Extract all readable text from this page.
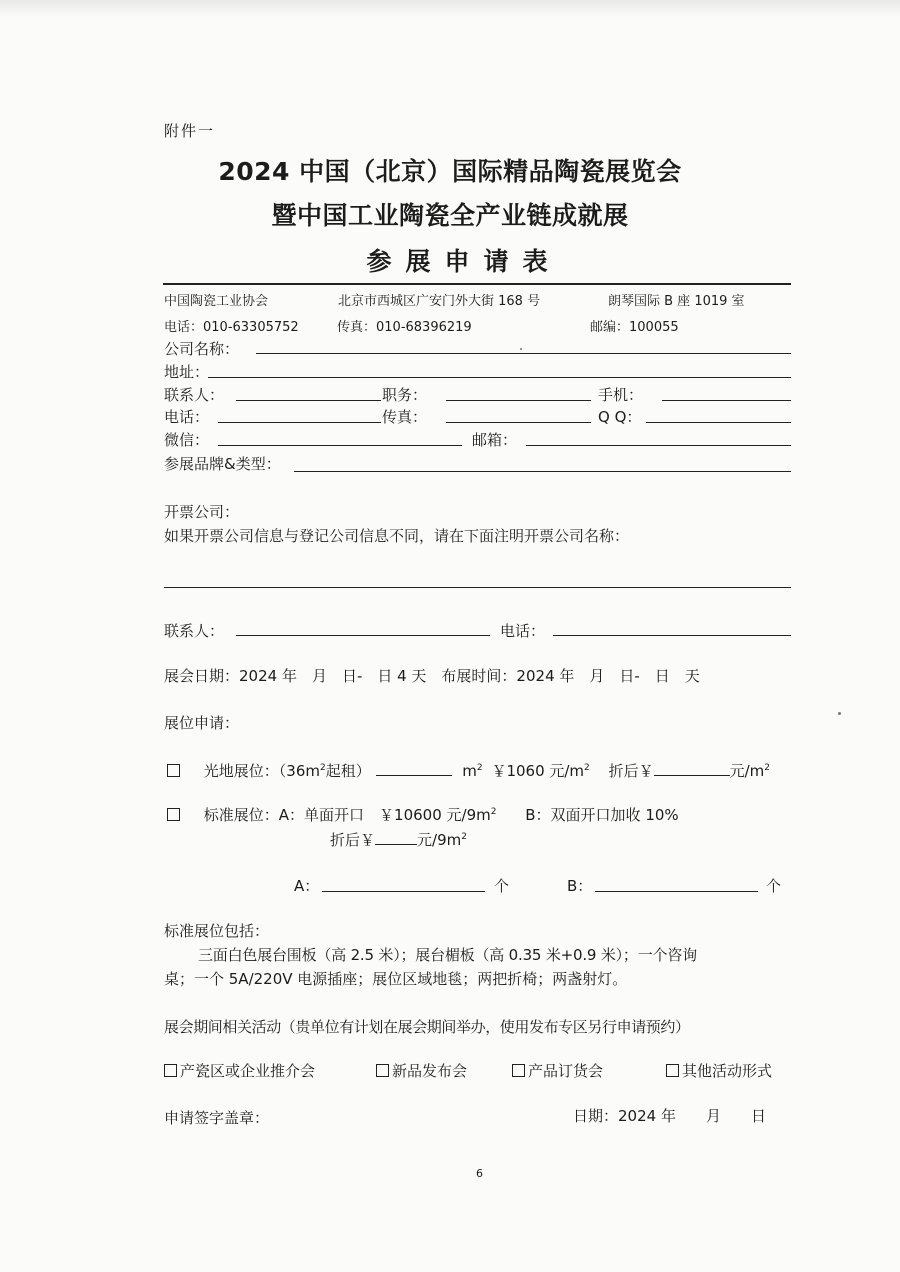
附件一
2024 中国（北京）国际精品陶瓷展览会
暨中国工业陶瓷全产业链成就展
参展申请表
中国陶瓷工业协会	北京市西城区广安门外大街 168 号	朗琴国际 B 座 1019 室
电话：010-63305752	传真：010-68396219	邮编：100055
公司名称：
地址：
联系人：	职务：	手机：
电话：	传真：	Q Q：
微信：	邮箱：
参展品牌&类型：
开票公司：
如果开票公司信息与登记公司信息不同，请在下面注明开票公司名称：
联系人：	电话：
展会日期：2024 年　月　日-　日 4 天　布展时间：2024 年　月　日-　日　天
展位申请：
光地展位：（$36m^2$起租）	$m^2$ ￥1060 元$/m^2$ 折后￥	元$/m^2$
标准展位：A：单面开口　￥10600 元$/9m^2$ B：双面开口加收 10%
折后￥	元$/9m^2$
A：	个	B：	个
标准展位包括：
三面白色展台围板（高 2.5 米）；展台楣板（高 0.35 米+0.9 米）；一个咨询
桌；一个 5A/220V 电源插座；展位区域地毯；两把折椅；两盏射灯。
展会期间相关活动（贵单位有计划在展会期间举办，使用发布专区另行申请预约）
产瓷区或企业推介会	新品发布会	产品订货会	其他活动形式
申请签字盖章：	日期：2024 年　　月　　日
6
